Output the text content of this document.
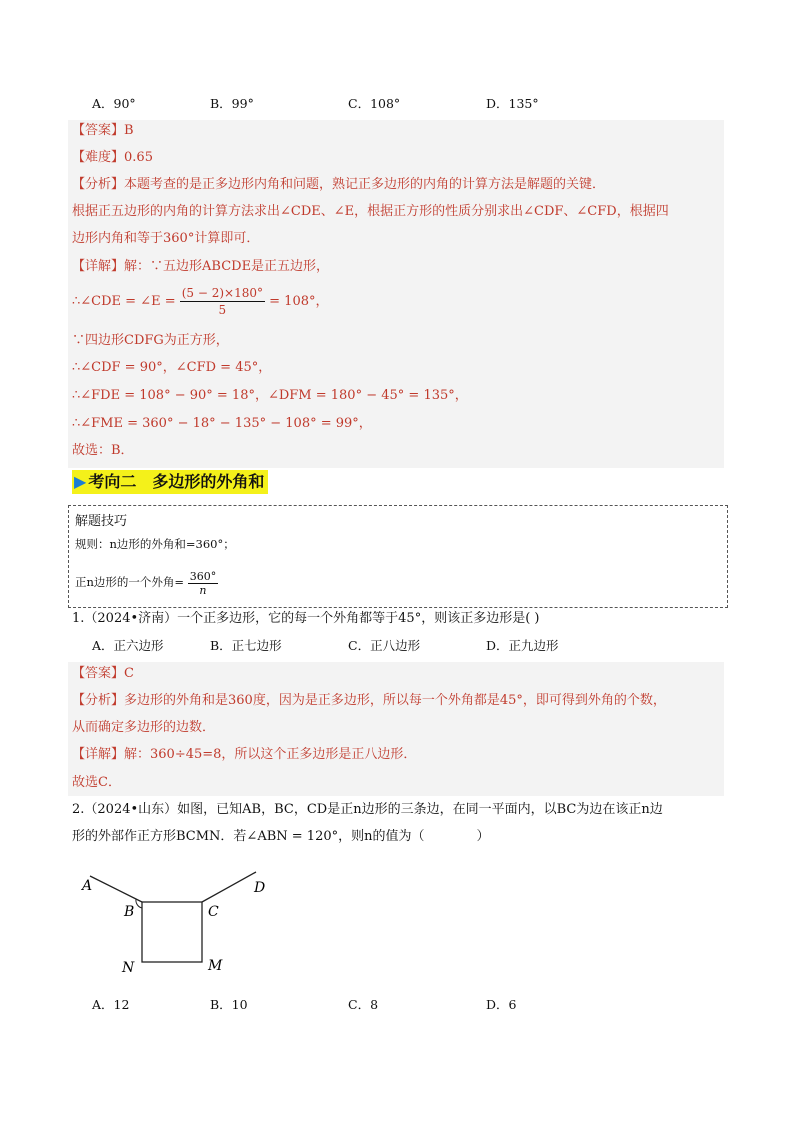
A．90°	B．99°	C．108°	D．135°
【答案】B
【难度】0.65
【分析】本题考查的是正多边形内角和问题，熟记正多边形的内角的计算方法是解题的关键．
根据正五边形的内角的计算方法求出∠CDE、∠E，根据正方形的性质分别求出∠CDF、∠CFD，根据四
边形内角和等于360°计算即可．
【详解】解：∵五边形ABCDE是正五边形，
∴∠CDE = ∠E = $\frac{(5 - 2)\times 180^\circ}{5} = 108^\circ$，
∵四边形CDFG为正方形，
∴∠CDF = 90°，∠CFD = 45°，
∴∠FDE = 108° − 90° = 18°，∠DFM = 180° − 45° = 135°，
∴∠FME = 360° − 18° − 135° − 108° = 99°，
故选：B．
▶ 考向二　多边形的外角和
解题技巧
规则：n边形的外角和=360°；
正n边形的一个外角= $\frac{360^\circ}{n}$
1.（2024•济南）一个正多边形，它的每一个外角都等于45°，则该正多边形是( )
A．正六边形	B．正七边形	C．正八边形	D．正九边形
【答案】C
【分析】多边形的外角和是360度，因为是正多边形，所以每一个外角都是45°，即可得到外角的个数，
从而确定多边形的边数．
【详解】解：360÷45=8，所以这个正多边形是正八边形．
故选C．
2.（2024•山东）如图，已知AB，BC，CD是正n边形的三条边，在同一平面内，以BC为边在该正n边
形的外部作正方形BCMN．若∠ABN = 120°，则n的值为（　　　　）
A
B	C
D
N	M
A．12	B．10	C．8	D．6
